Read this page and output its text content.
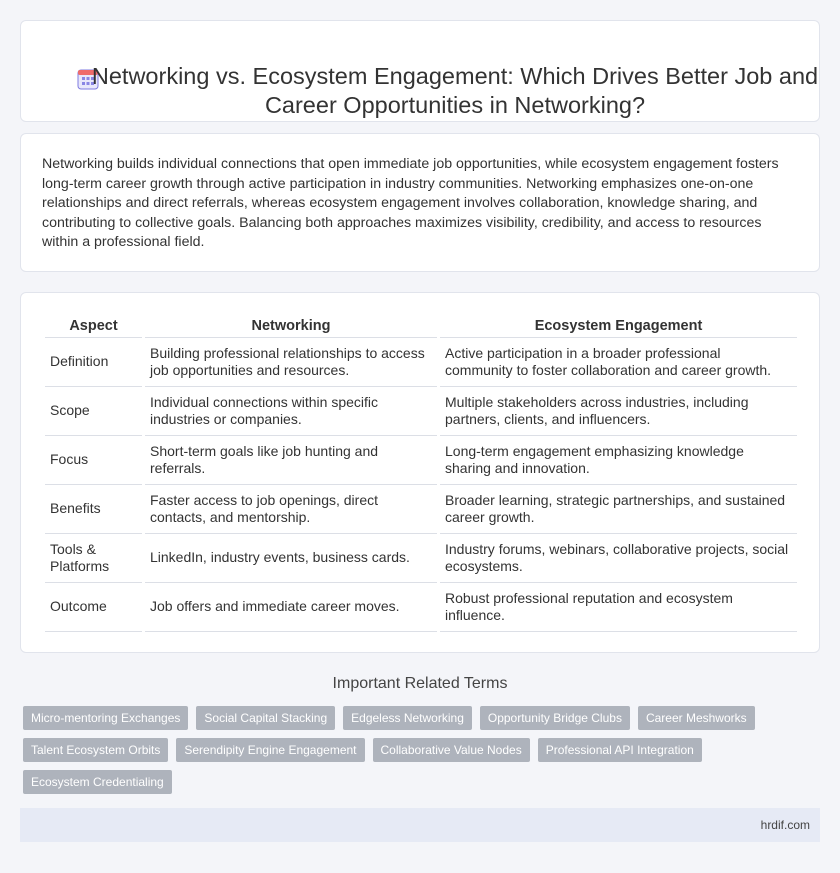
Networking vs. Ecosystem Engagement: Which Drives Better Job and Career Opportunities in Networking?

Networking builds individual connections that open immediate job opportunities, while ecosystem engagement fosters long-term career growth through active participation in industry communities. Networking emphasizes one-on-one relationships and direct referrals, whereas ecosystem engagement involves collaboration, knowledge sharing, and contributing to collective goals. Balancing both approaches maximizes visibility, credibility, and access to resources within a professional field.

Aspect	Networking	Ecosystem Engagement
Definition	Building professional relationships to access job opportunities and resources.	Active participation in a broader professional community to foster collaboration and career growth.
Scope	Individual connections within specific industries or companies.	Multiple stakeholders across industries, including partners, clients, and influencers.
Focus	Short-term goals like job hunting and referrals.	Long-term engagement emphasizing knowledge sharing and innovation.
Benefits	Faster access to job openings, direct contacts, and mentorship.	Broader learning, strategic partnerships, and sustained career growth.
Tools & Platforms	LinkedIn, industry events, business cards.	Industry forums, webinars, collaborative projects, social ecosystems.
Outcome	Job offers and immediate career moves.	Robust professional reputation and ecosystem influence.
Important Related Terms
Micro-mentoring Exchanges	Social Capital Stacking	Edgeless Networking	Opportunity Bridge Clubs	Career Meshworks
Talent Ecosystem Orbits	Serendipity Engine Engagement	Collaborative Value Nodes	Professional API Integration
Ecosystem Credentialing
hrdif.com
